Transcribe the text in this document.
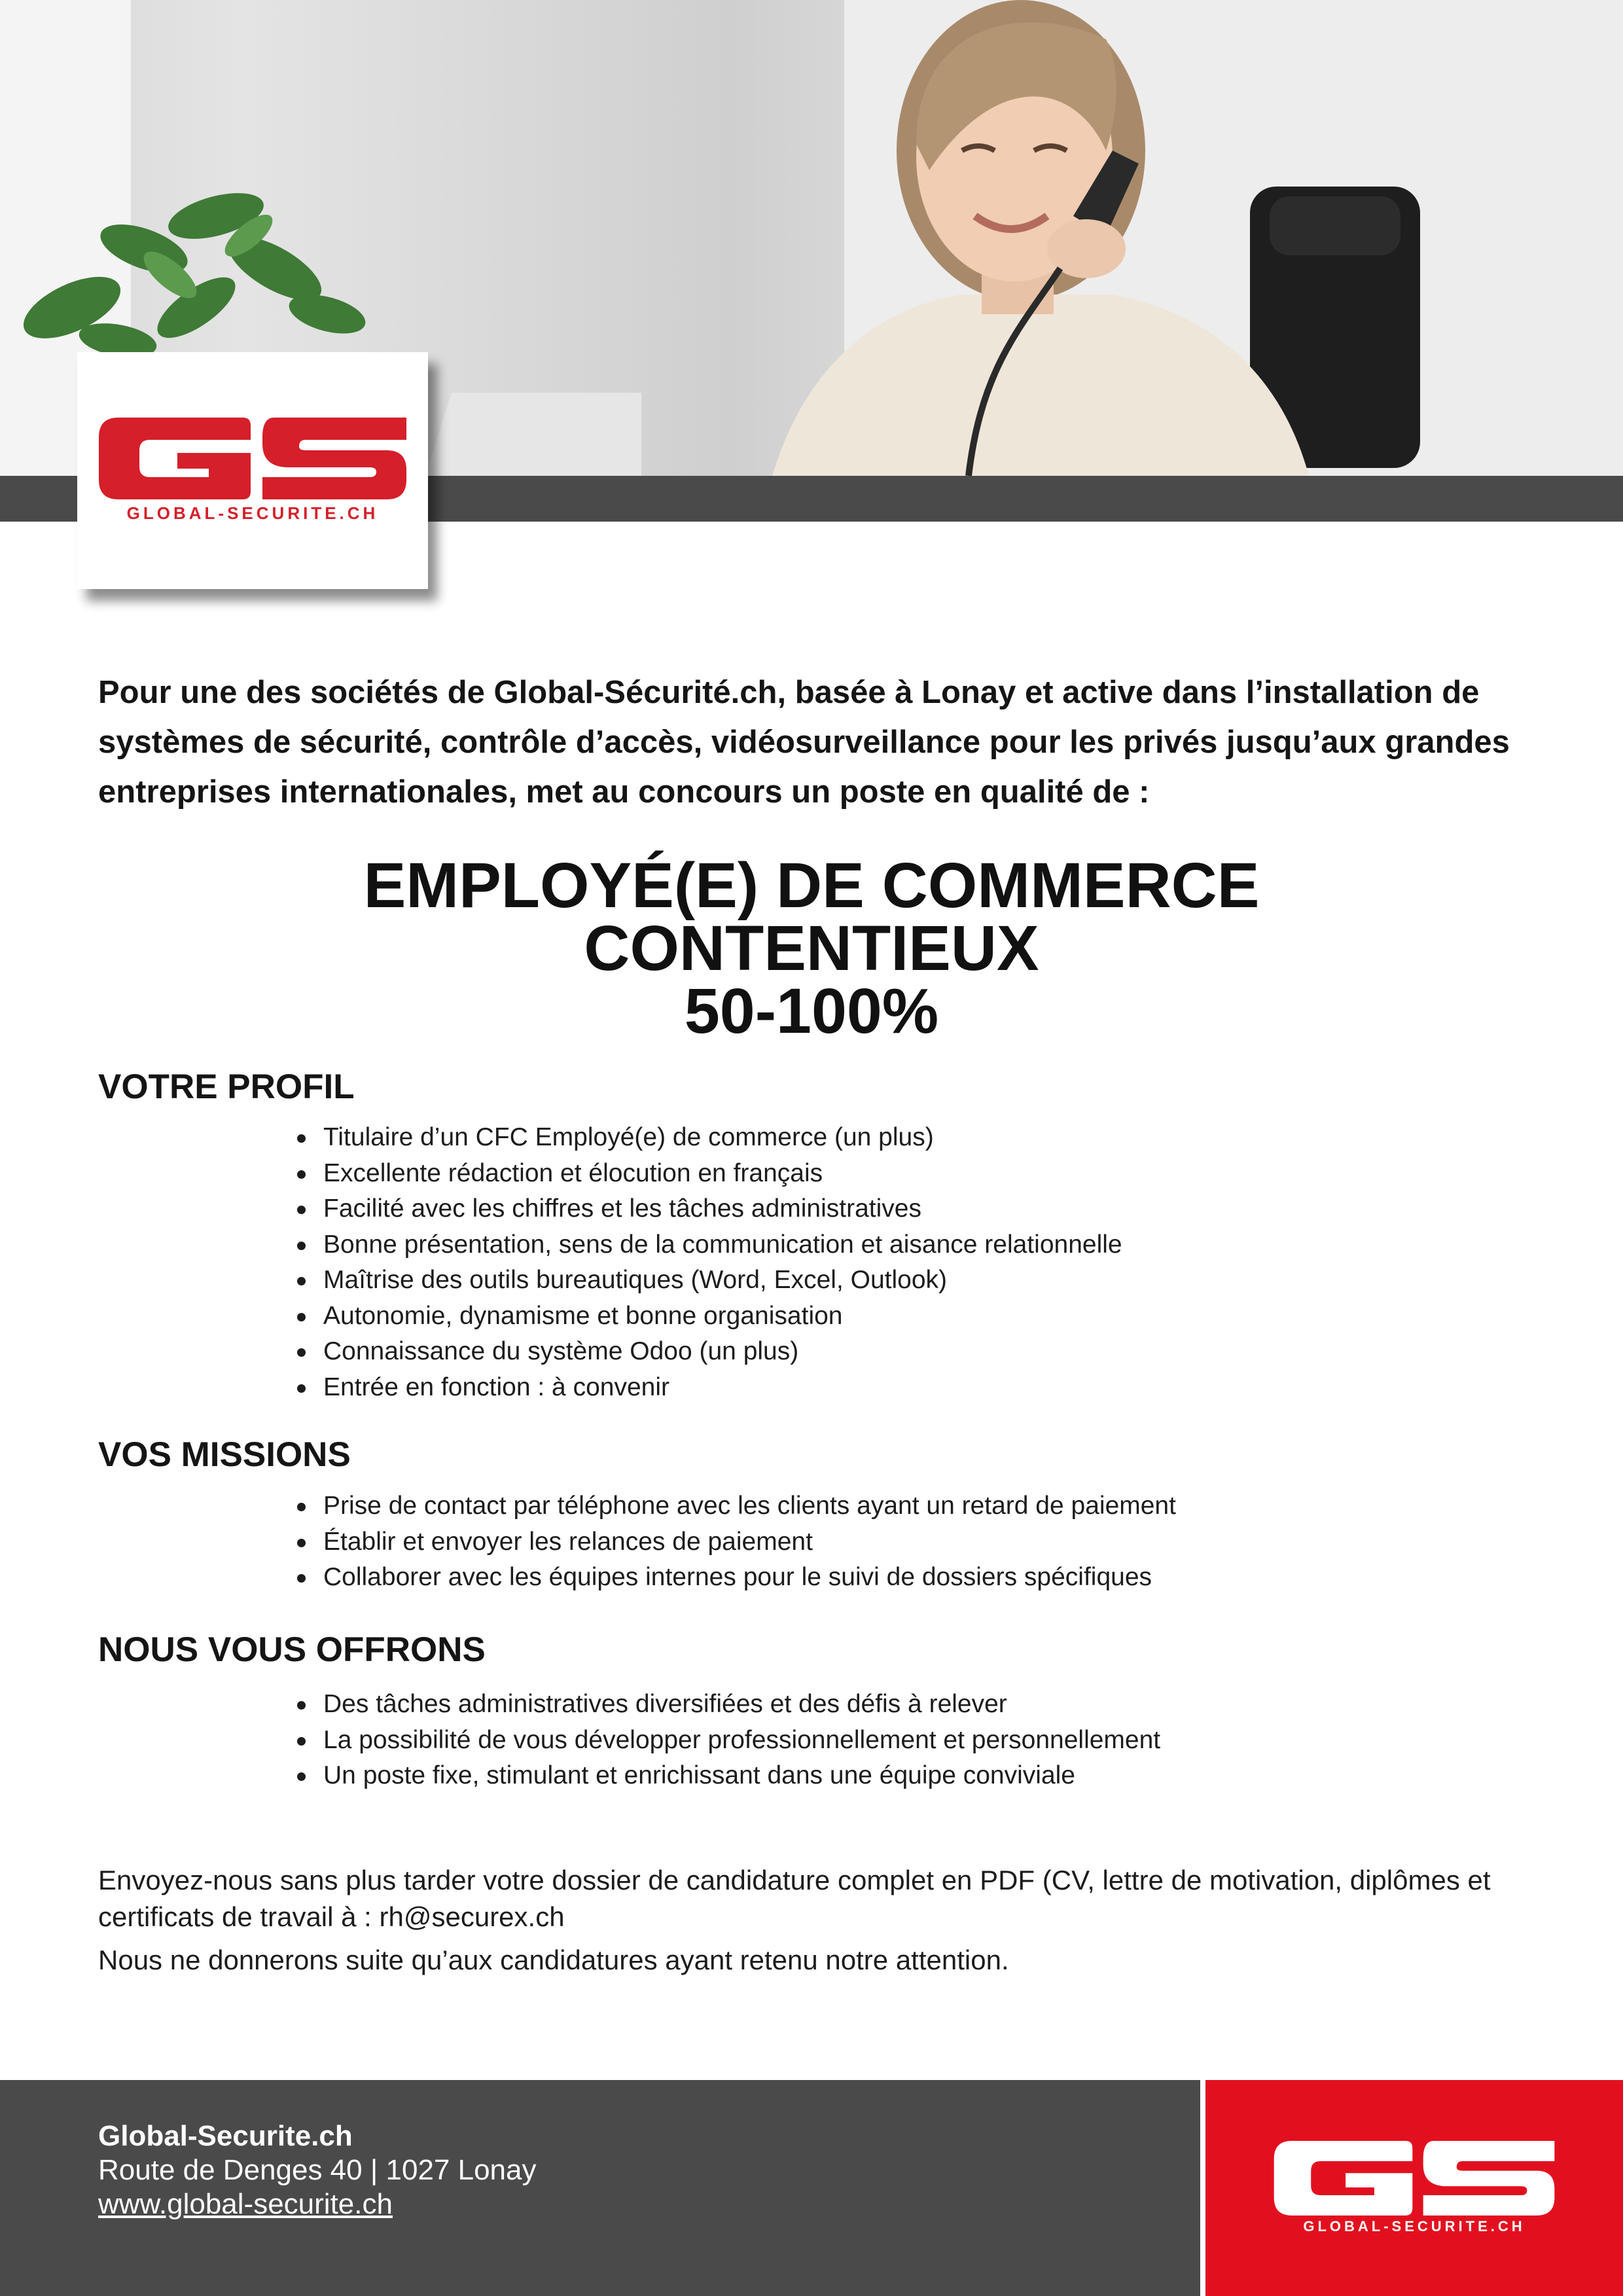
GLOBAL-SECURITE.CH
Pour une des sociétés de Global-Sécurité.ch, basée à Lonay et active dans l’installation de systèmes de sécurité, contrôle d’accès, vidéosurveillance pour les privés jusqu’aux grandes entreprises internationales, met au concours un poste en qualité de :
EMPLOYÉ(E) DE COMMERCE
CONTENTIEUX
50-100%
VOTRE PROFIL
Titulaire d’un CFC Employé(e) de commerce (un plus)
Excellente rédaction et élocution en français
Facilité avec les chiffres et les tâches administratives
Bonne présentation, sens de la communication et aisance relationnelle
Maîtrise des outils bureautiques (Word, Excel, Outlook)
Autonomie, dynamisme et bonne organisation
Connaissance du système Odoo (un plus)
Entrée en fonction : à convenir
VOS MISSIONS
Prise de contact par téléphone avec les clients ayant un retard de paiement
Établir et envoyer les relances de paiement
Collaborer avec les équipes internes pour le suivi de dossiers spécifiques
NOUS VOUS OFFRONS
Des tâches administratives diversifiées et des défis à relever
La possibilité de vous développer professionnellement et personnellement
Un poste fixe, stimulant et enrichissant dans une équipe conviviale

Envoyez-nous sans plus tarder votre dossier de candidature complet en PDF (CV, lettre de motivation, diplômes et certificats de travail à : rh@securex.ch

Nous ne donnerons suite qu’aux candidatures ayant retenu notre attention.

Global-Securite.ch
Route de Denges 40 | 1027 Lonay
www.global-securite.ch
GLOBAL-SECURITE.CH
